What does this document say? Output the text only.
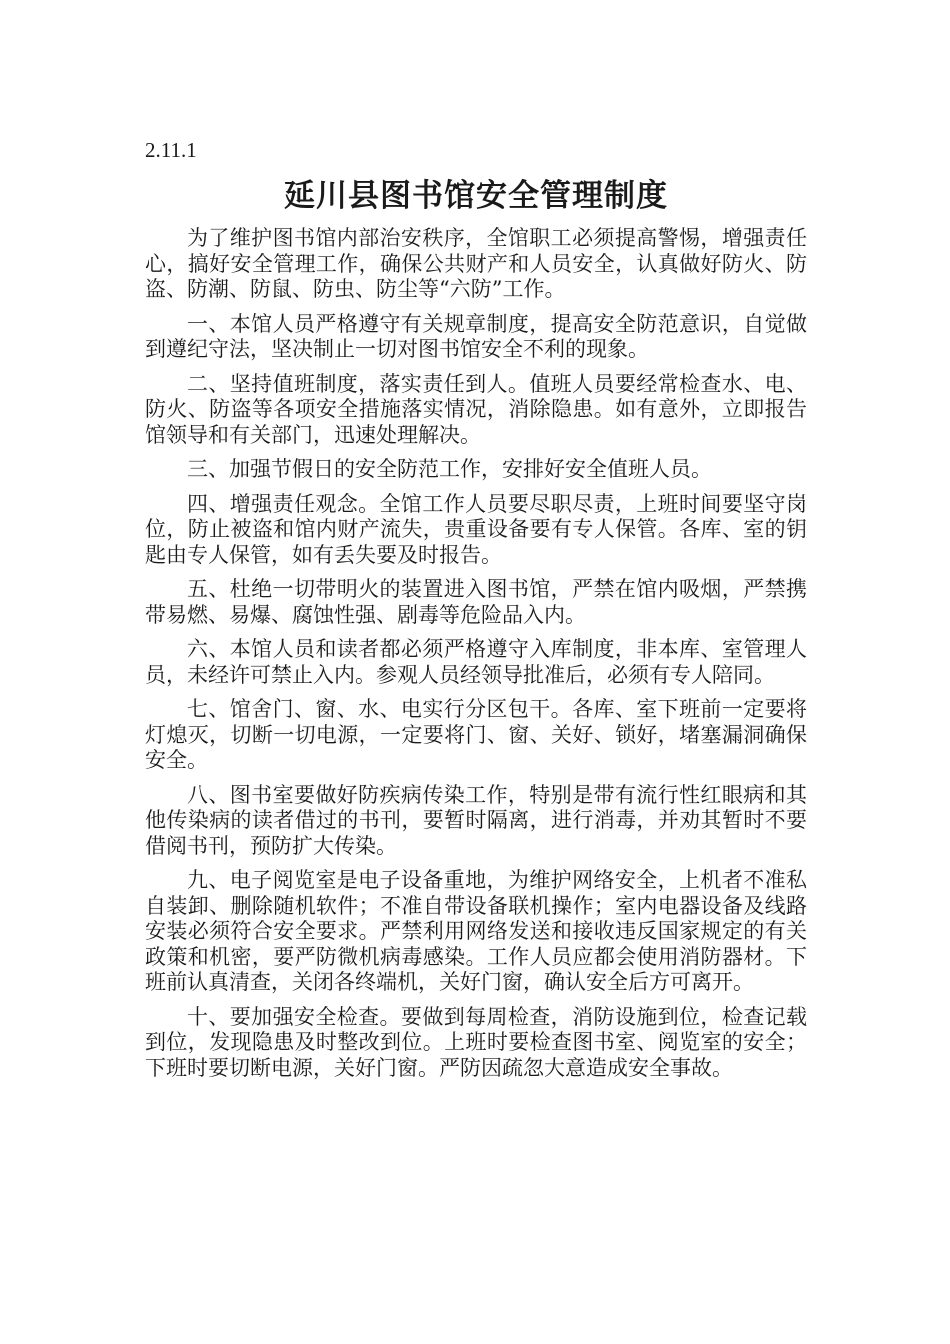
2.11.1

延川县图书馆安全管理制度

为了维护图书馆内部治安秩序，全馆职工必须提高警惕，增强责任心，搞好安全管理工作，确保公共财产和人员安全，认真做好防火、防盗、防潮、防鼠、防虫、防尘等“六防”工作。

一、本馆人员严格遵守有关规章制度，提高安全防范意识，自觉做到遵纪守法，坚决制止一切对图书馆安全不利的现象。

二、坚持值班制度，落实责任到人。值班人员要经常检查水、电、防火、防盗等各项安全措施落实情况，消除隐患。如有意外，立即报告馆领导和有关部门，迅速处理解决。

三、加强节假日的安全防范工作，安排好安全值班人员。

四、增强责任观念。全馆工作人员要尽职尽责，上班时间要坚守岗位，防止被盗和馆内财产流失，贵重设备要有专人保管。各库、室的钥匙由专人保管，如有丢失要及时报告。

五、杜绝一切带明火的装置进入图书馆，严禁在馆内吸烟，严禁携带易燃、易爆、腐蚀性强、剧毒等危险品入内。

六、本馆人员和读者都必须严格遵守入库制度，非本库、室管理人员，未经许可禁止入内。参观人员经领导批准后，必须有专人陪同。

七、馆舍门、窗、水、电实行分区包干。各库、室下班前一定要将灯熄灭，切断一切电源，一定要将门、窗、关好、锁好，堵塞漏洞确保安全。

八、图书室要做好防疾病传染工作，特别是带有流行性红眼病和其他传染病的读者借过的书刊，要暂时隔离，进行消毒，并劝其暂时不要借阅书刊，预防扩大传染。

九、电子阅览室是电子设备重地，为维护网络安全，上机者不准私自装卸、删除随机软件；不准自带设备联机操作；室内电器设备及线路安装必须符合安全要求。严禁利用网络发送和接收违反国家规定的有关政策和机密，要严防微机病毒感染。工作人员应都会使用消防器材。下班前认真清查，关闭各终端机，关好门窗，确认安全后方可离开。

十、要加强安全检查。要做到每周检查，消防设施到位，检查记载到位，发现隐患及时整改到位。上班时要检查图书室、阅览室的安全；下班时要切断电源，关好门窗。严防因疏忽大意造成安全事故。
